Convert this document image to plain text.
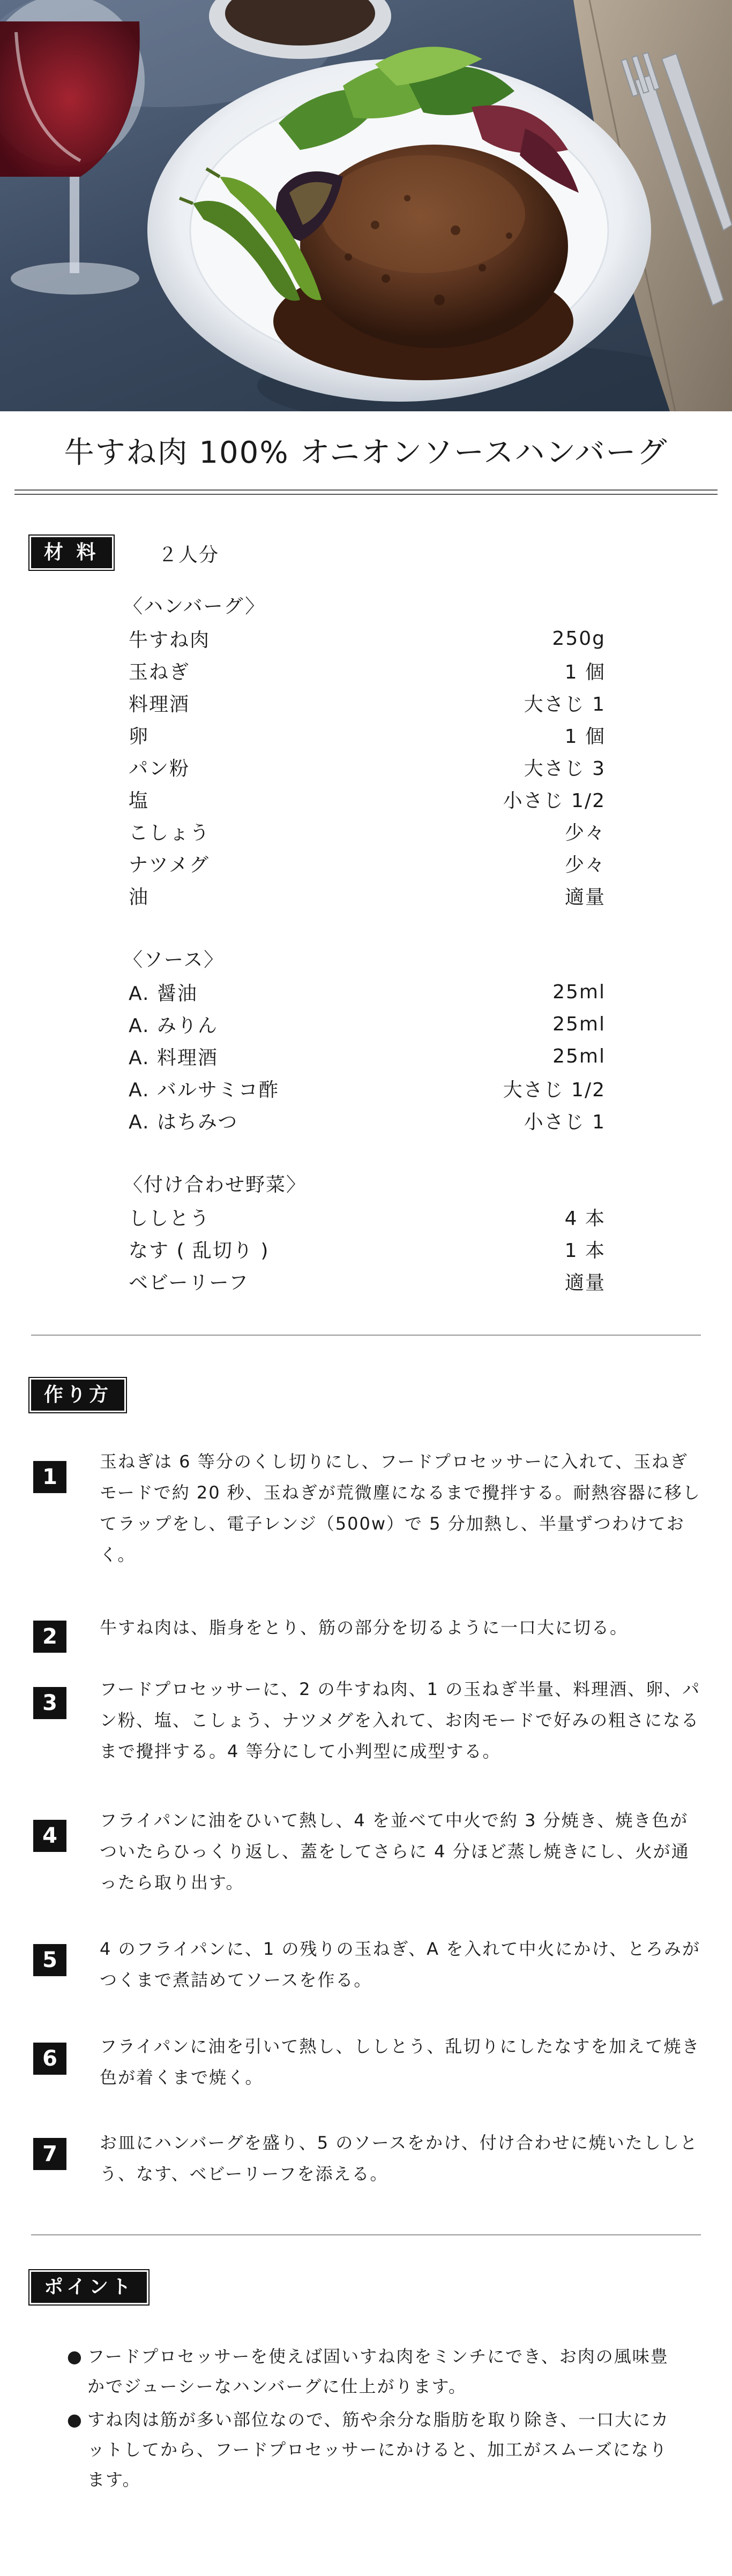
牛すね肉 100% オニオンソースハンバーグ
材 料	２人分
〈ハンバーグ〉
牛すね肉	250g
玉ねぎ	1 個
料理酒	大さじ 1
卵	1 個
パン粉	大さじ 3
塩	小さじ 1/2
こしょう	少々
ナツメグ	少々
油	適量
〈ソース〉
A. 醤油	25ml
A. みりん	25ml
A. 料理酒	25ml
A. バルサミコ酢	大さじ 1/2
A. はちみつ	小さじ 1
〈付け合わせ野菜〉
ししとう	4 本
なす ( 乱切り )	1 本
ベビーリーフ	適量
作り方
1
玉ねぎは 6 等分のくし切りにし、フードプロセッサーに入れて、玉ねぎモードで約 20 秒、玉ねぎが荒微塵になるまで攪拌する。耐熱容器に移してラップをし、電子レンジ（500w）で 5 分加熱し、半量ずつわけておく。
2	牛すね肉は、脂身をとり、筋の部分を切るように一口大に切る。
3
フードプロセッサーに、2 の牛すね肉、1 の玉ねぎ半量、料理酒、卵、パン粉、塩、こしょう、ナツメグを入れて、お肉モードで好みの粗さになるまで攪拌する。4 等分にして小判型に成型する。
4
フライパンに油をひいて熱し、4 を並べて中火で約 3 分焼き、焼き色がついたらひっくり返し、蓋をしてさらに 4 分ほど蒸し焼きにし、火が通ったら取り出す。
5	4 のフライパンに、1 の残りの玉ねぎ、A を入れて中火にかけ、とろみがつくまで煮詰めてソースを作る。
6	フライパンに油を引いて熱し、ししとう、乱切りにしたなすを加えて焼き色が着くまで焼く。
7	お皿にハンバーグを盛り、5 のソースをかけ、付け合わせに焼いたししとう、なす、ベビーリーフを添える。
ポイント
● フードプロセッサーを使えば固いすね肉をミンチにでき、お肉の風味豊かでジューシーなハンバーグに仕上がります。
● すね肉は筋が多い部位なので、筋や余分な脂肪を取り除き、一口大にカットしてから、フードプロセッサーにかけると、加工がスムーズになります。
